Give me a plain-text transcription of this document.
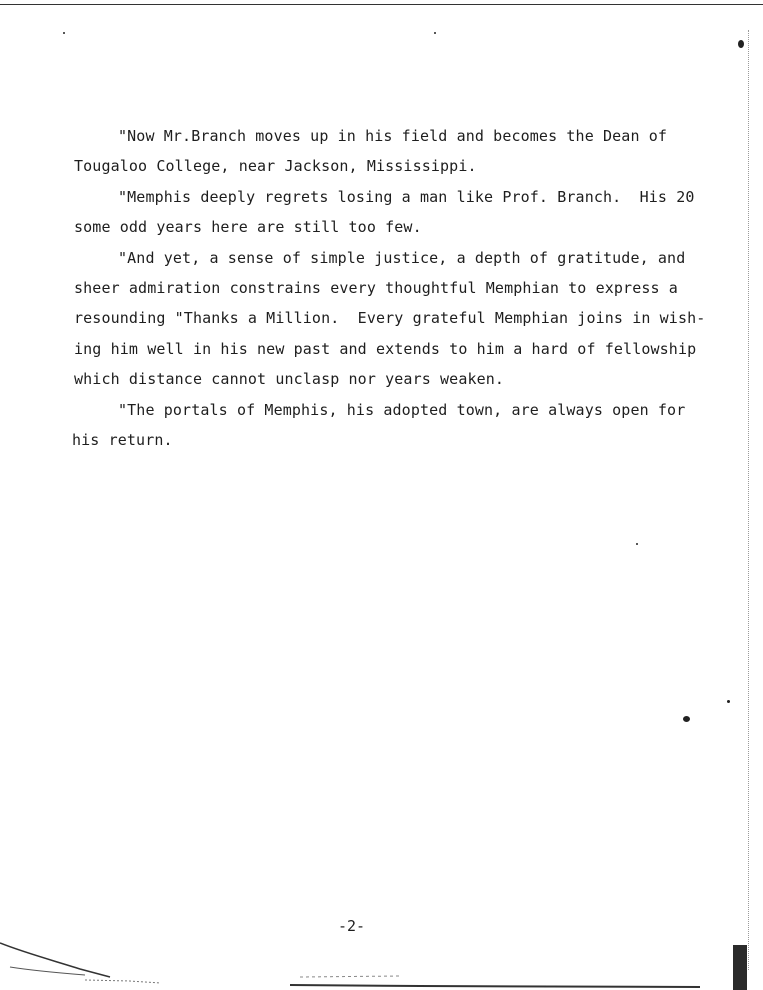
"Now Mr.Branch moves up in his field and becomes the Dean of
Tougaloo College, near Jackson, Mississippi.
"Memphis deeply regrets losing a man like Prof. Branch.  His 20
some odd years here are still too few.
"And yet, a sense of simple justice, a depth of gratitude, and
sheer admiration constrains every thoughtful Memphian to express a
resounding "Thanks a Million.  Every grateful Memphian joins in wish-
ing him well in his new past and extends to him a hard of fellowship
which distance cannot unclasp nor years weaken.
"The portals of Memphis, his adopted town, are always open for
his return.
-2-
